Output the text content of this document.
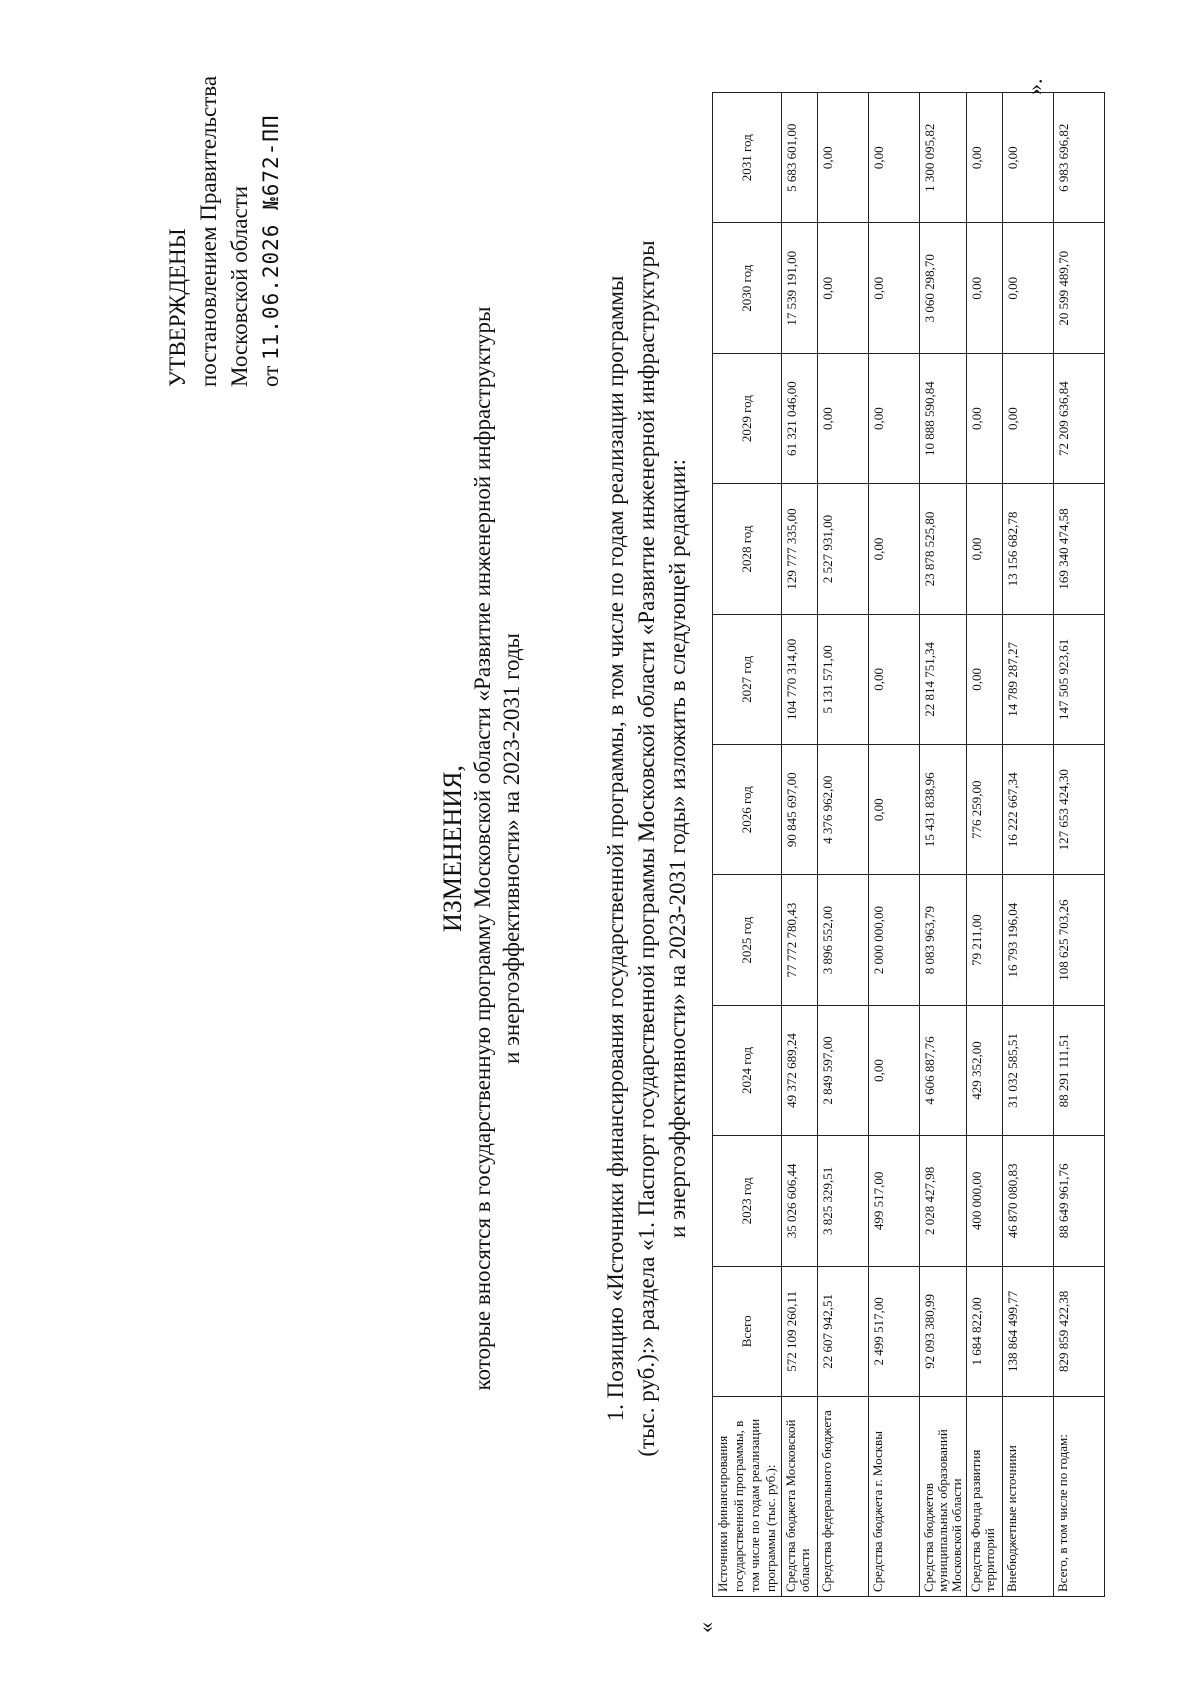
УТВЕРЖДЕНЫ постановлением Правительства Московской области от 11.06.2026 №672-ПП
ИЗМЕНЕНИЯ, которые вносятся в государственную программу Московской области «Развитие инженерной инфраструктуры и энергоэффективности» на 2023-2031 годы	1. Позицию «Источники финансирования государственной программы, в том числе по годам реализации программы (тыс. руб.):» раздела «1. Паспорт государственной программы Московской области «Развитие инженерной инфраструктуры и энергоэффективности» на 2023-2031 годы» изложить в следующей редакции:
«
Источники финансирования государственной программы, в том числе по годам реализации программы (тыс. руб.):	Всего	2023 год	2024 год	2025 год	2026 год	2027 год	2028 год	2029 год	2030 год	2031 год
Средства бюджета Московской области	572 109 260,11	35 026 606,44	49 372 689,24	77 772 780,43	90 845 697,00	104 770 314,00	129 777 335,00	61 321 046,00	17 539 191,00	5 683 601,00
Средства федерального бюджета	22 607 942,51	3 825 329,51	2 849 597,00	3 896 552,00	4 376 962,00	5 131 571,00	2 527 931,00	0,00	0,00	0,00
Средства бюджета г. Москвы	2 499 517,00	499 517,00	0,00	2 000 000,00	0,00	0,00	0,00	0,00	0,00	0,00
Средства бюджетов муниципальных образований Московской области	92 093 380,99	2 028 427,98	4 606 887,76	8 083 963,79	15 431 838,96	22 814 751,34	23 878 525,80	10 888 590,84	3 060 298,70	1 300 095,82
Средства Фонда развития территорий	1 684 822,00	400 000,00	429 352,00	79 211,00	776 259,00	0,00	0,00	0,00	0,00	0,00
Внебюджетные источники	138 864 499,77	46 870 080,83	31 032 585,51	16 793 196,04	16 222 667,34	14 789 287,27	13 156 682,78	0,00	0,00	0,00
Всего, в том числе по годам:	829 859 422,38	88 649 961,76	88 291 111,51	108 625 703,26	127 653 424,30	147 505 923,61	169 340 474,58	72 209 636,84	20 599 489,70	6 983 696,82
».
